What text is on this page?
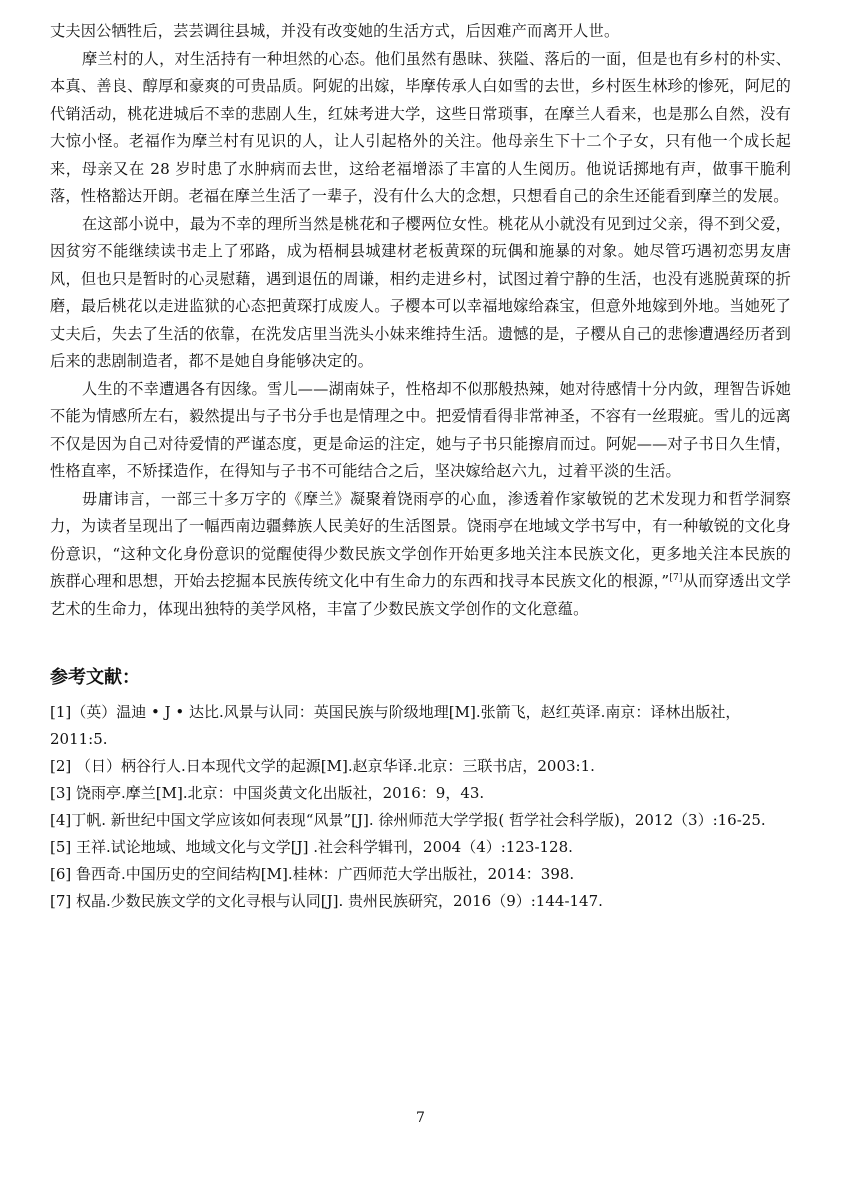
丈夫因公牺牲后，芸芸调往县城，并没有改变她的生活方式，后因难产而离开人世。

摩兰村的人，对生活持有一种坦然的心态。他们虽然有愚昧、狭隘、落后的一面，但是也有乡村的朴实、本真、善良、醇厚和豪爽的可贵品质。阿妮的出嫁，毕摩传承人白如雪的去世，乡村医生林珍的惨死，阿尼的代销活动，桃花进城后不幸的悲剧人生，红妹考进大学，这些日常琐事，在摩兰人看来，也是那么自然，没有大惊小怪。老福作为摩兰村有见识的人，让人引起格外的关注。他母亲生下十二个子女，只有他一个成长起来，母亲又在 28 岁时患了水肿病而去世，这给老福增添了丰富的人生阅历。他说话掷地有声，做事干脆利落，性格豁达开朗。老福在摩兰生活了一辈子，没有什么大的念想，只想看自己的余生还能看到摩兰的发展。

在这部小说中，最为不幸的理所当然是桃花和子樱两位女性。桃花从小就没有见到过父亲，得不到父爱，因贫穷不能继续读书走上了邪路，成为梧桐县城建材老板黄琛的玩偶和施暴的对象。她尽管巧遇初恋男友唐风，但也只是暂时的心灵慰藉，遇到退伍的周谦，相约走进乡村，试图过着宁静的生活，也没有逃脱黄琛的折磨，最后桃花以走进监狱的心态把黄琛打成废人。子樱本可以幸福地嫁给森宝，但意外地嫁到外地。当她死了丈夫后，失去了生活的依靠，在洗发店里当洗头小妹来维持生活。遗憾的是，子樱从自己的悲惨遭遇经历者到后来的悲剧制造者，都不是她自身能够决定的。

人生的不幸遭遇各有因缘。雪儿——湖南妹子，性格却不似那般热辣，她对待感情十分内敛，理智告诉她不能为情感所左右，毅然提出与子书分手也是情理之中。把爱情看得非常神圣，不容有一丝瑕疵。雪儿的远离不仅是因为自己对待爱情的严谨态度，更是命运的注定，她与子书只能擦肩而过。阿妮——对子书日久生情，性格直率，不矫揉造作，在得知与子书不可能结合之后，坚决嫁给赵六九，过着平淡的生活。

毋庸讳言，一部三十多万字的《摩兰》凝聚着饶雨亭的心血，渗透着作家敏锐的艺术发现力和哲学洞察力，为读者呈现出了一幅西南边疆彝族人民美好的生活图景。饶雨亭在地域文学书写中，有一种敏锐的文化身份意识，“这种文化身份意识的觉醒使得少数民族文学创作开始更多地关注本民族文化，更多地关注本民族的族群心理和思想，开始去挖掘本民族传统文化中有生命力的东西和找寻本民族文化的根源，”[7]从而穿透出文学艺术的生命力，体现出独特的美学风格，丰富了少数民族文学创作的文化意蕴。

参考文献：

[1]（英）温迪 • J • 达比.风景与认同：英国民族与阶级地理[M].张箭飞，赵红英译.南京：译林出版社，2011:5.

[2] （日）柄谷行人.日本现代文学的起源[M].赵京华译.北京：三联书店，2003:1.

[3] 饶雨亭.摩兰[M].北京：中国炎黄文化出版社，2016：9，43.

[4]丁帆. 新世纪中国文学应该如何表现“风景”[J]. 徐州师范大学学报( 哲学社会科学版)，2012（3）:16-25.

[5] 王祥.试论地域、地域文化与文学[J] .社会科学辑刊，2004（4）:123-128.

[6] 鲁西奇.中国历史的空间结构[M].桂林：广西师范大学出版社，2014：398.

[7] 权晶.少数民族文学的文化寻根与认同[J]. 贵州民族研究，2016（9）:144-147.

7
